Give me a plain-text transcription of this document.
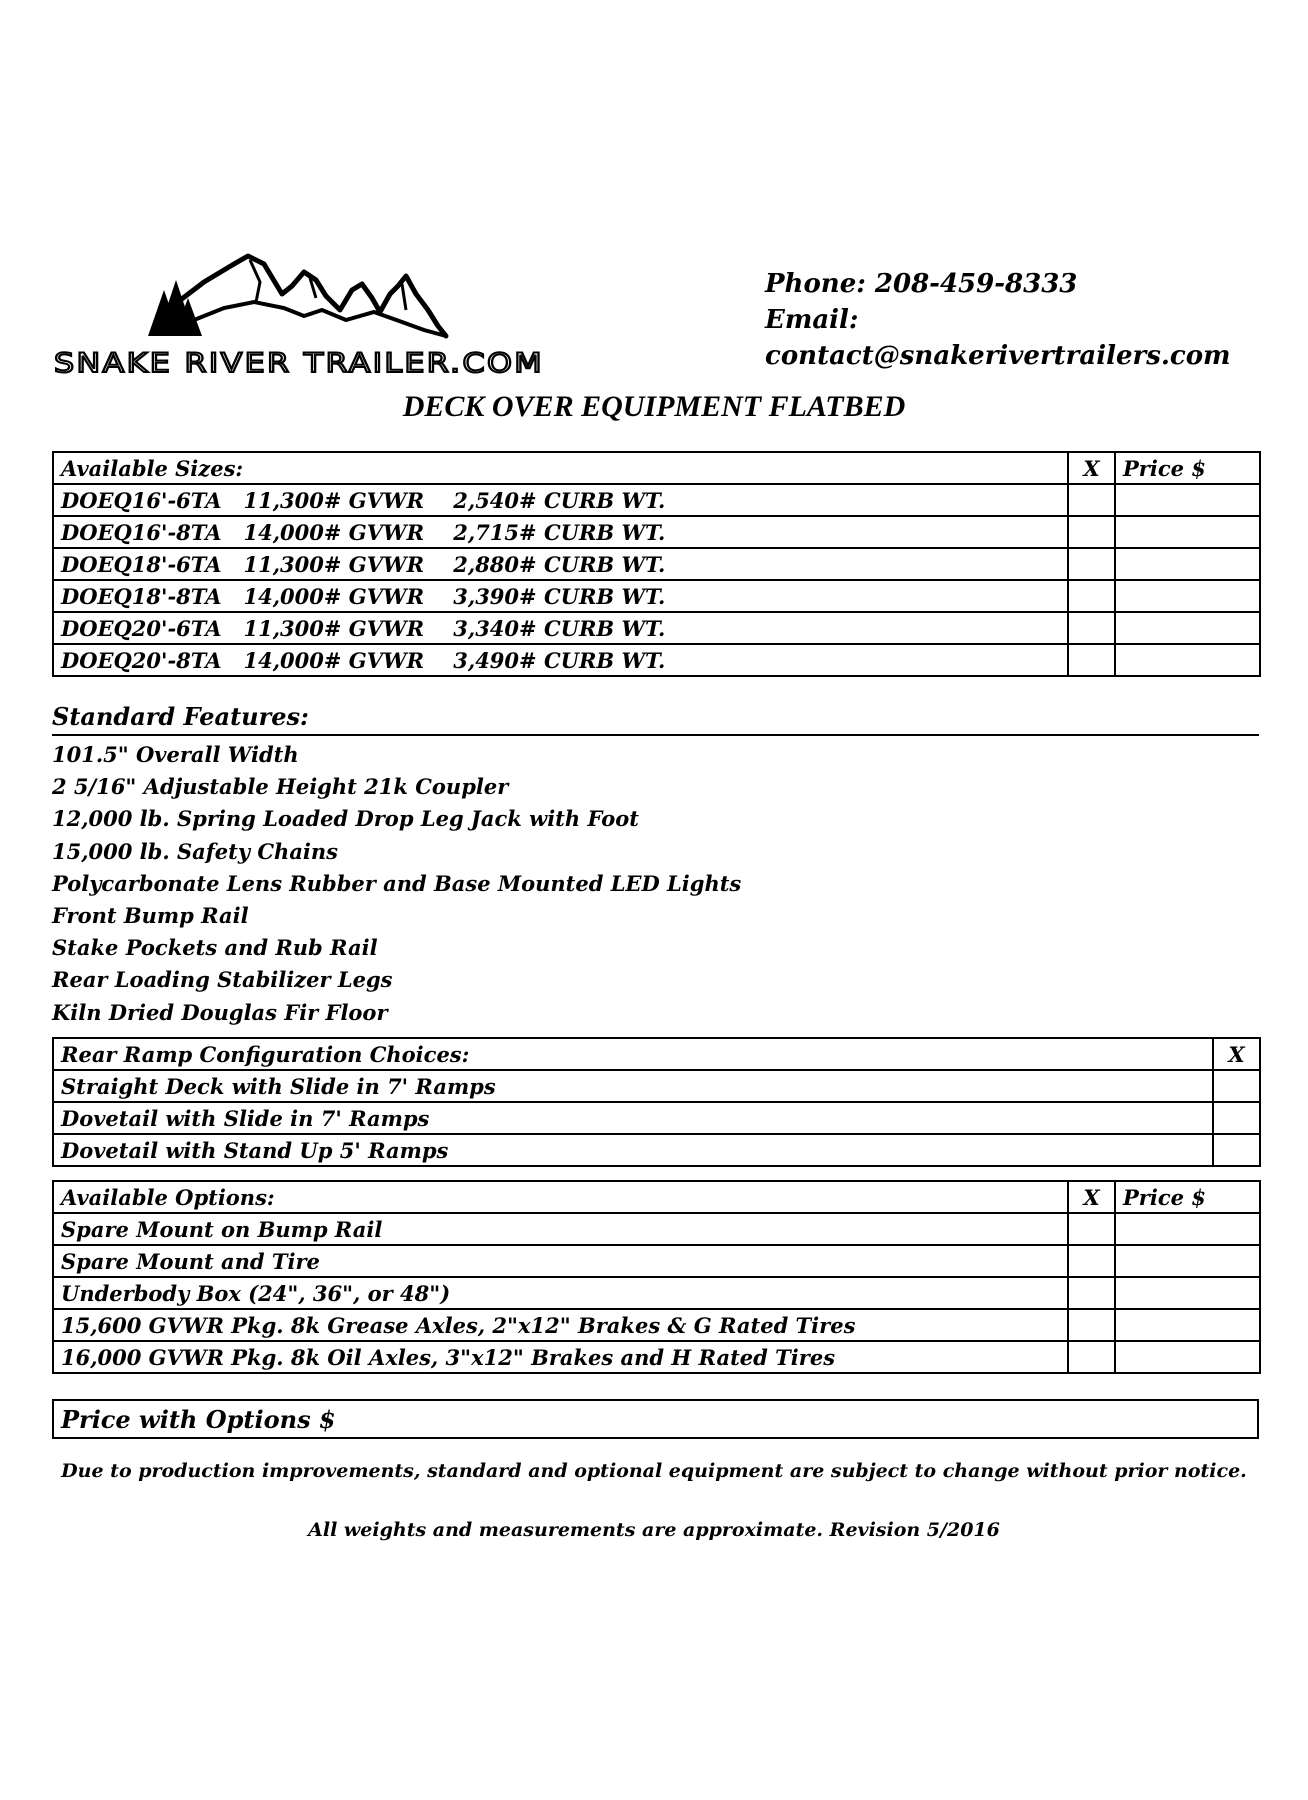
SNAKE RIVER TRAILER.COM
Phone: 208-459-8333
Email: contact@snakerivertrailers.com
DECK OVER EQUIPMENT FLATBED
Available Sizes:	X	Price $
DOEQ16'-6TA   11,300# GVWR    2,540# CURB WT.		
DOEQ16'-8TA   14,000# GVWR    2,715# CURB WT.		
DOEQ18'-6TA   11,300# GVWR    2,880# CURB WT.		
DOEQ18'-8TA   14,000# GVWR    3,390# CURB WT.		
DOEQ20'-6TA   11,300# GVWR    3,340# CURB WT.		
DOEQ20'-8TA   14,000# GVWR    3,490# CURB WT.		
Standard Features:
101.5" Overall Width
2 5/16" Adjustable Height 21k Coupler
12,000 lb. Spring Loaded Drop Leg Jack with Foot
15,000 lb. Safety Chains
Polycarbonate Lens Rubber and Base Mounted LED Lights
Front Bump Rail
Stake Pockets and Rub Rail
Rear Loading Stabilizer Legs
Kiln Dried Douglas Fir Floor
Rear Ramp Configuration Choices:	X
Straight Deck with Slide in 7' Ramps	
Dovetail with Slide in 7' Ramps	
Dovetail with Stand Up 5' Ramps	
Available Options:	X	Price $
Spare Mount on Bump Rail		
Spare Mount and Tire		
Underbody Box (24", 36", or 48")		
15,600 GVWR Pkg. 8k Grease Axles, 2"x12" Brakes & G Rated Tires		
16,000 GVWR Pkg. 8k Oil Axles, 3"x12" Brakes and H Rated Tires		
Price with Options $
Due to production improvements, standard and optional equipment are subject to change without prior notice.
All weights and measurements are approximate. Revision 5/2016
